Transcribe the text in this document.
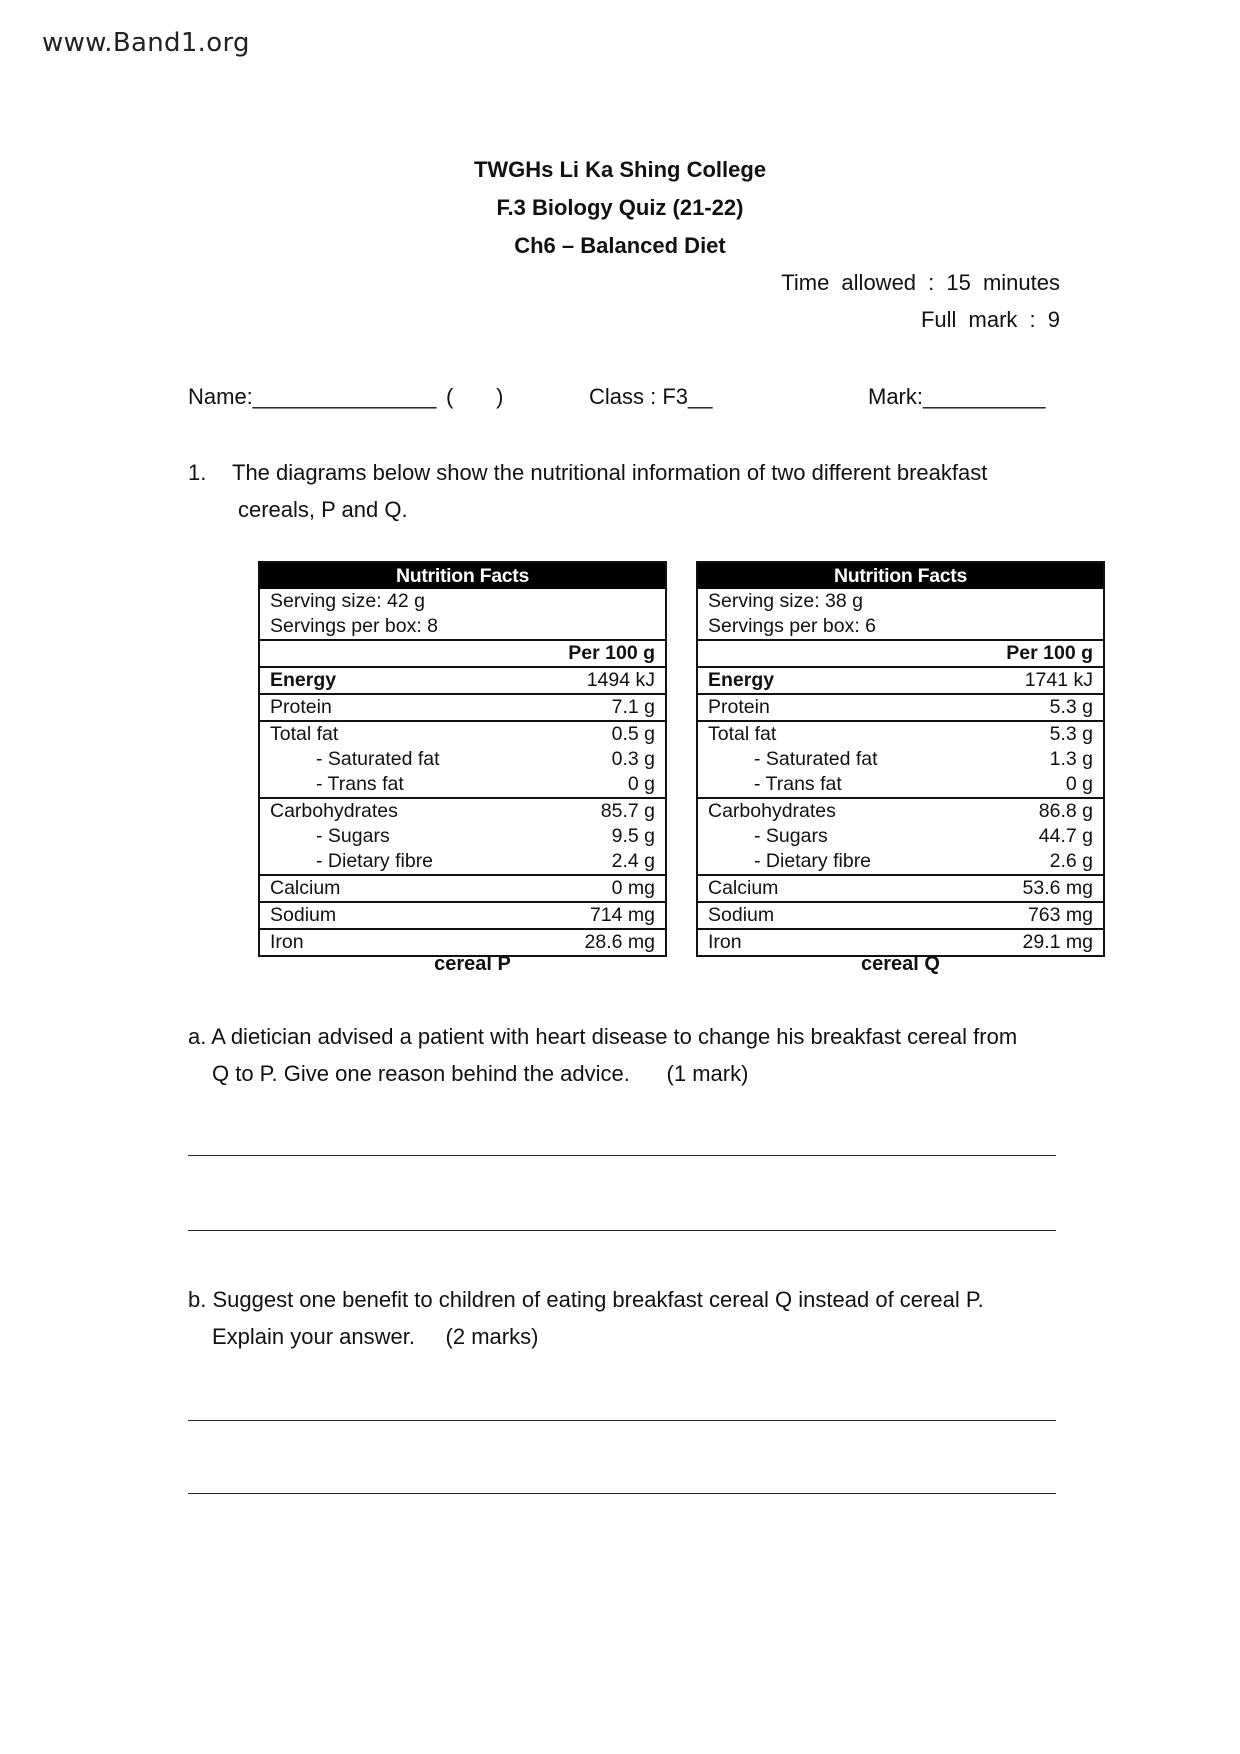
www.Band1.org
TWGHs Li Ka Shing College
F.3 Biology Quiz (21-22)
Ch6 – Balanced Diet
Time allowed : 15 minutes
Full mark : 9
Name:_______________ (       )	Class : F3__	Mark:__________
1. The diagrams below show the nutritional information of two different breakfast
cereals, P and Q.
Nutrition Facts
Serving size: 42 g
Servings per box: 8
Per 100 g
Energy	1494 kJ
Protein	7.1 g
Total fat	0.5 g
- Saturated fat	0.3 g
- Trans fat	0 g
Carbohydrates	85.7 g
- Sugars	9.5 g
- Dietary fibre	2.4 g
Calcium	0 mg
Sodium	714 mg
Iron	28.6 mg
cereal P
Nutrition Facts
Serving size: 38 g
Servings per box: 6
Per 100 g
Energy	1741 kJ
Protein	5.3 g
Total fat	5.3 g
- Saturated fat	1.3 g
- Trans fat	0 g
Carbohydrates	86.8 g
- Sugars	44.7 g
- Dietary fibre	2.6 g
Calcium	53.6 mg
Sodium	763 mg
Iron	29.1 mg
cereal Q
a. A dietician advised a patient with heart disease to change his breakfast cereal from
Q to P. Give one reason behind the advice.      (1 mark)
b. Suggest one benefit to children of eating breakfast cereal Q instead of cereal P.
Explain your answer.     (2 marks)
